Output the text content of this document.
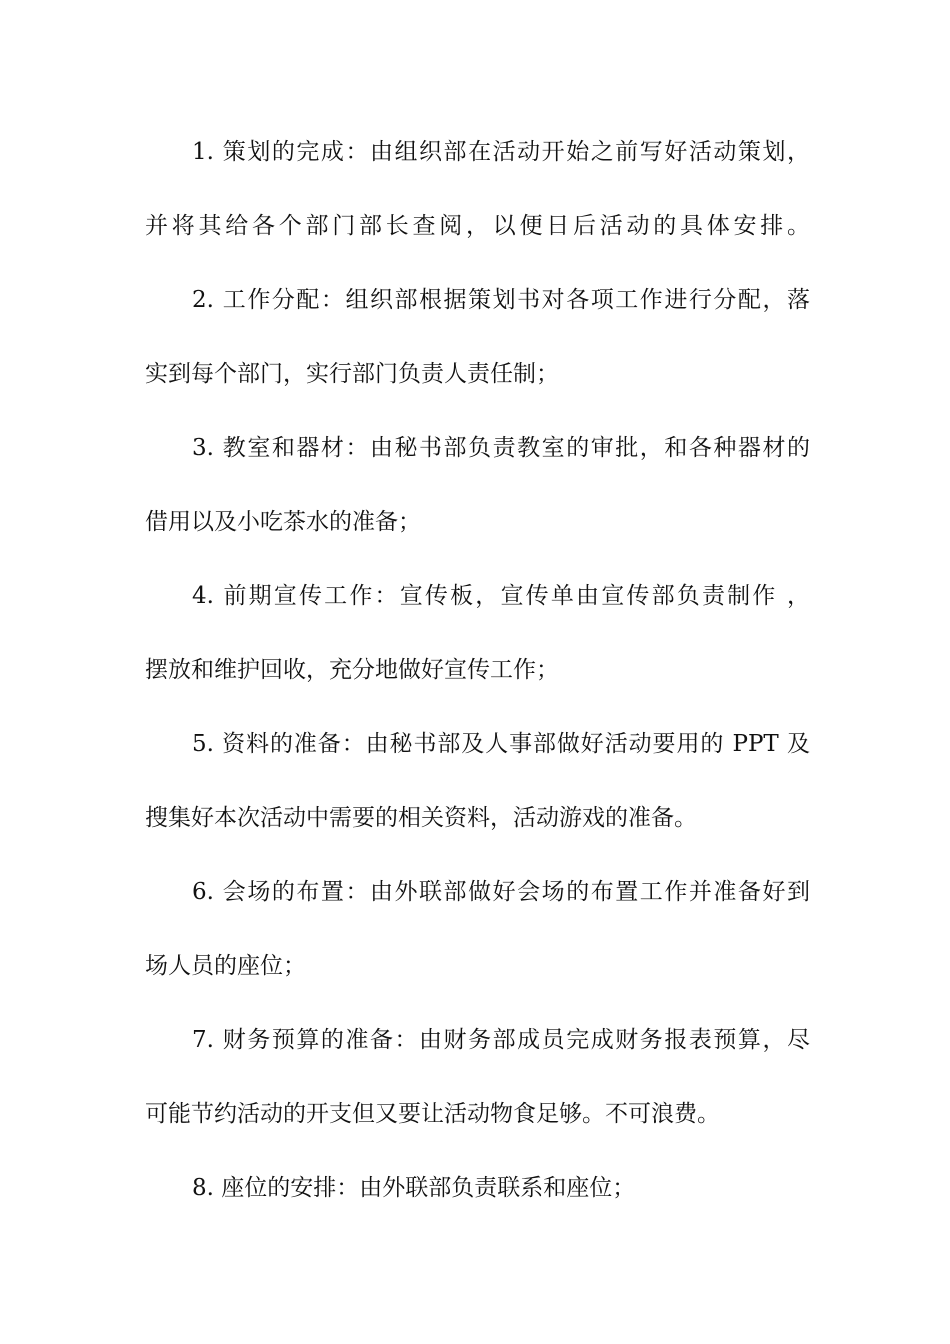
1. 策划的完成：由组织部在活动开始之前写好活动策划，
并将其给各个部门部长查阅，以便日后活动的具体安排。
2. 工作分配：组织部根据策划书对各项工作进行分配，落
实到每个部门，实行部门负责人责任制；
3. 教室和器材：由秘书部负责教室的审批，和各种器材的
借用以及小吃茶水的准备；
4. 前期宣传工作：宣传板，宣传单由宣传部负责制作 ，
摆放和维护回收，充分地做好宣传工作；
5. 资料的准备：由秘书部及人事部做好活动要用的 PPT 及
搜集好本次活动中需要的相关资料，活动游戏的准备。
6. 会场的布置：由外联部做好会场的布置工作并准备好到
场人员的座位；
7. 财务预算的准备：由财务部成员完成财务报表预算，尽
可能节约活动的开支但又要让活动物食足够。不可浪费。
8. 座位的安排：由外联部负责联系和座位；
